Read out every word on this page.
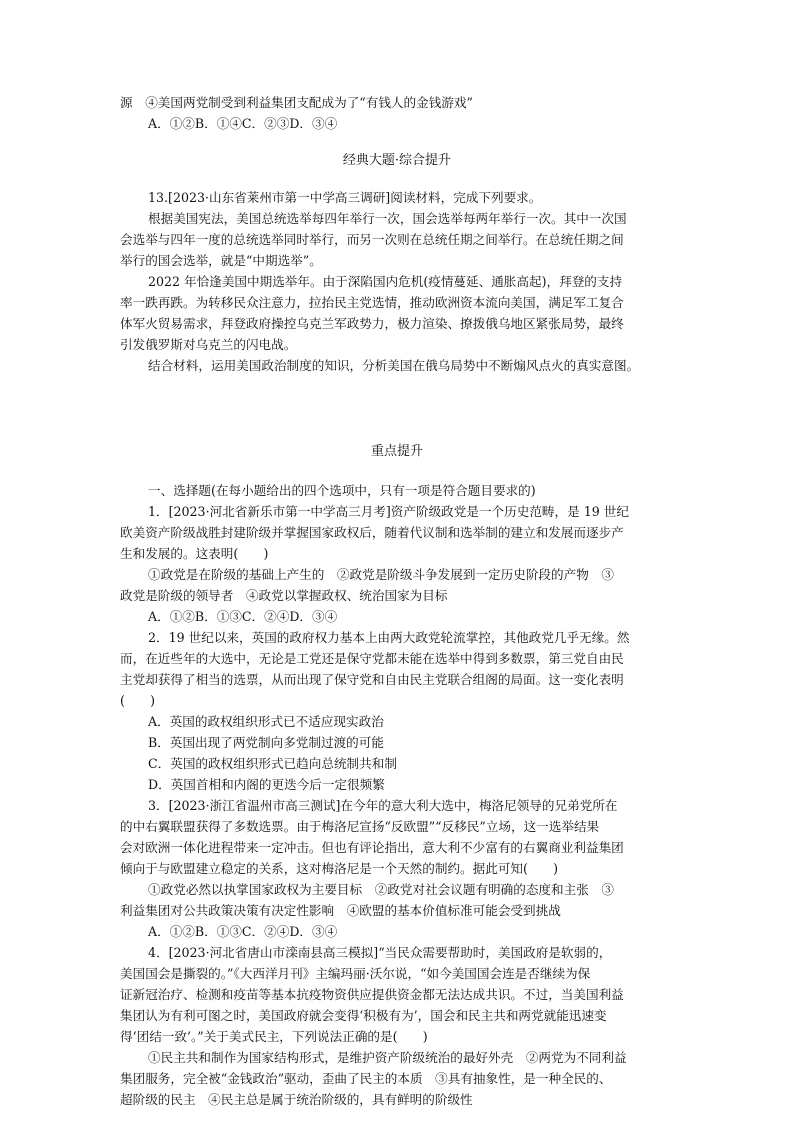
源　④美国两党制受到利益集团支配成为了“有钱人的金钱游戏”
A．①②B．①④C．②③D．③④
经典大题·综合提升
13.[2023·山东省莱州市第一中学高三调研]阅读材料，完成下列要求。
根据美国宪法，美国总统选举每四年举行一次，国会选举每两年举行一次。其中一次国
会选举与四年一度的总统选举同时举行，而另一次则在总统任期之间举行。在总统任期之间
举行的国会选举，就是“中期选举”。
2022 年恰逢美国中期选举年。由于深陷国内危机(疫情蔓延、通胀高起)，拜登的支持
率一跌再跌。为转移民众注意力，拉抬民主党选情，推动欧洲资本流向美国，满足军工复合
体军火贸易需求，拜登政府操控乌克兰军政势力，极力渲染、撩拨俄乌地区紧张局势，最终
引发俄罗斯对乌克兰的闪电战。
结合材料，运用美国政治制度的知识，分析美国在俄乌局势中不断煽风点火的真实意图。
重点提升
一、选择题(在每小题给出的四个选项中，只有一项是符合题目要求的)
1．[2023·河北省新乐市第一中学高三月考]资产阶级政党是一个历史范畴，是 19 世纪
欧美资产阶级战胜封建阶级并掌握国家政权后，随着代议制和选举制的建立和发展而逐步产
生和发展的。这表明(　　)
①政党是在阶级的基础上产生的　②政党是阶级斗争发展到一定历史阶段的产物　③
政党是阶级的领导者　④政党以掌握政权、统治国家为目标
A．①②B．①③C．②④D．③④
2．19 世纪以来，英国的政府权力基本上由两大政党轮流掌控，其他政党几乎无缘。然
而，在近些年的大选中，无论是工党还是保守党都未能在选举中得到多数票，第三党自由民
主党却获得了相当的选票，从而出现了保守党和自由民主党联合组阁的局面。这一变化表明
(　　)
A．英国的政权组织形式已不适应现实政治
B．英国出现了两党制向多党制过渡的可能
C．英国的政权组织形式已趋向总统制共和制
D．英国首相和内阁的更迭今后一定很频繁
3．[2023·浙江省温州市高三测试]在今年的意大利大选中，梅洛尼领导的兄弟党所在
的中右翼联盟获得了多数选票。由于梅洛尼宣扬“反欧盟”“反移民”立场，这一选举结果
会对欧洲一体化进程带来一定冲击。但也有评论指出，意大利不少富有的右翼商业利益集团
倾向于与欧盟建立稳定的关系，这对梅洛尼是一个天然的制约。据此可知(　　)
①政党必然以执掌国家政权为主要目标　②政党对社会议题有明确的态度和主张　③
利益集团对公共政策决策有决定性影响　④欧盟的基本价值标准可能会受到挑战
A．①②B．①③C．②④D．③④
4．[2023·河北省唐山市滦南县高三模拟]“当民众需要帮助时，美国政府是软弱的，
美国国会是撕裂的。”《大西洋月刊》主编玛丽·沃尔说，“如今美国国会连是否继续为保
证新冠治疗、检测和疫苗等基本抗疫物资供应提供资金都无法达成共识。不过，当美国利益
集团认为有利可图之时，美国政府就会变得‘积极有为’，国会和民主共和两党就能迅速变
得‘团结一致’。”关于美式民主，下列说法正确的是(　　)
①民主共和制作为国家结构形式，是维护资产阶级统治的最好外壳　②两党为不同利益
集团服务，完全被“金钱政治”驱动，歪曲了民主的本质　③具有抽象性，是一种全民的、
超阶级的民主　④民主总是属于统治阶级的，具有鲜明的阶级性
